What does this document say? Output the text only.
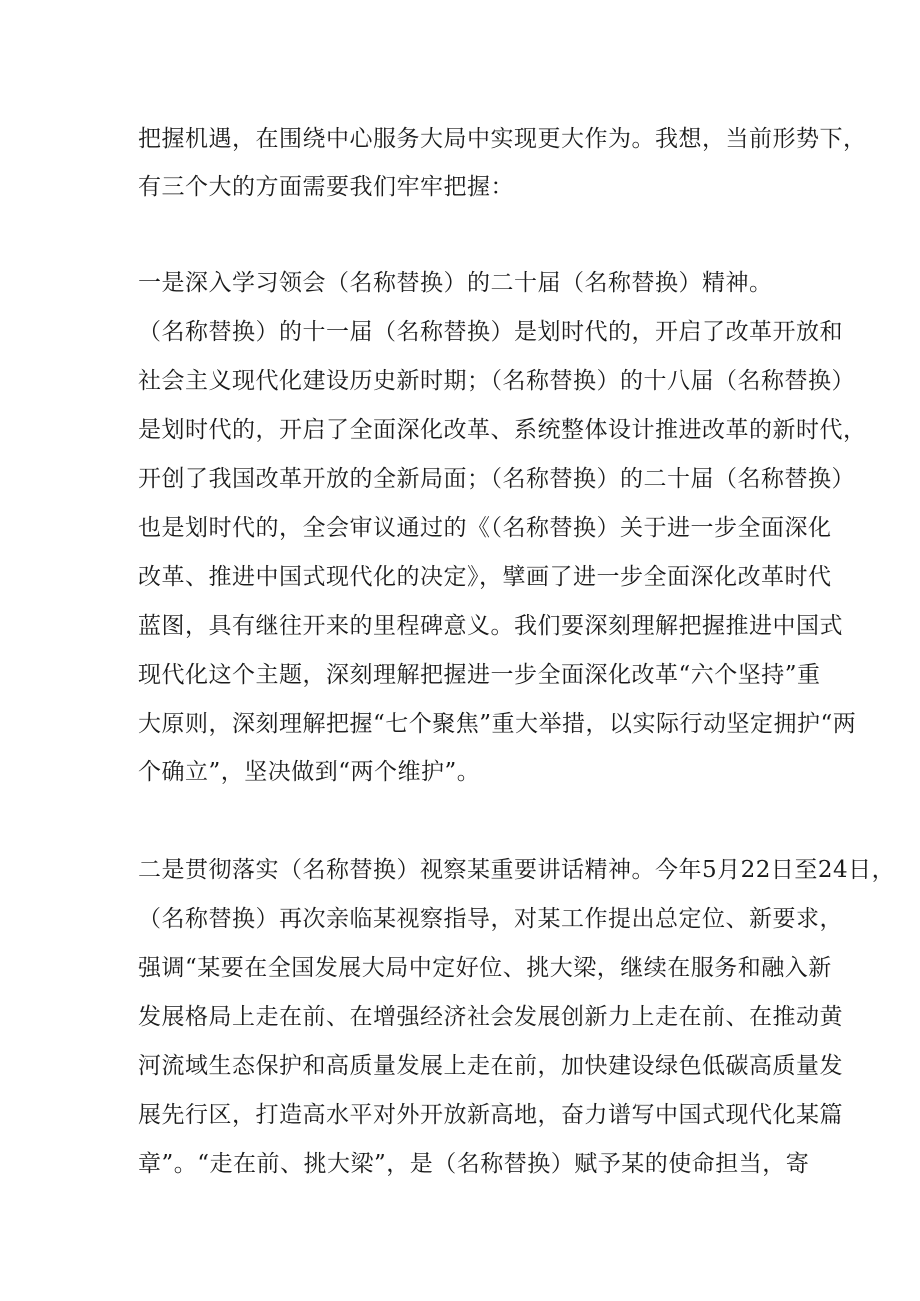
把握机遇，在围绕中心服务大局中实现更大作为。我想，当前形势下，
有三个大的方面需要我们牢牢把握：
一是深入学习领会（名称替换）的二十届（名称替换）精神。
（名称替换）的十一届（名称替换）是划时代的，开启了改革开放和
社会主义现代化建设历史新时期；（名称替换）的十八届（名称替换）
是划时代的，开启了全面深化改革、系统整体设计推进改革的新时代，
开创了我国改革开放的全新局面；（名称替换）的二十届（名称替换）
也是划时代的，全会审议通过的《（名称替换）关于进一步全面深化
改革、推进中国式现代化的决定》，擘画了进一步全面深化改革时代
蓝图，具有继往开来的里程碑意义。我们要深刻理解把握推进中国式
现代化这个主题，深刻理解把握进一步全面深化改革“六个坚持”重
大原则，深刻理解把握“七个聚焦”重大举措，以实际行动坚定拥护“两
个确立”，坚决做到“两个维护”。
二是贯彻落实（名称替换）视察某重要讲话精神。今年5月22日至24日，
（名称替换）再次亲临某视察指导，对某工作提出总定位、新要求，
强调“某要在全国发展大局中定好位、挑大梁，继续在服务和融入新
发展格局上走在前、在增强经济社会发展创新力上走在前、在推动黄
河流域生态保护和高质量发展上走在前，加快建设绿色低碳高质量发
展先行区，打造高水平对外开放新高地，奋力谱写中国式现代化某篇
章”。“走在前、挑大梁”，是（名称替换）赋予某的使命担当，寄
